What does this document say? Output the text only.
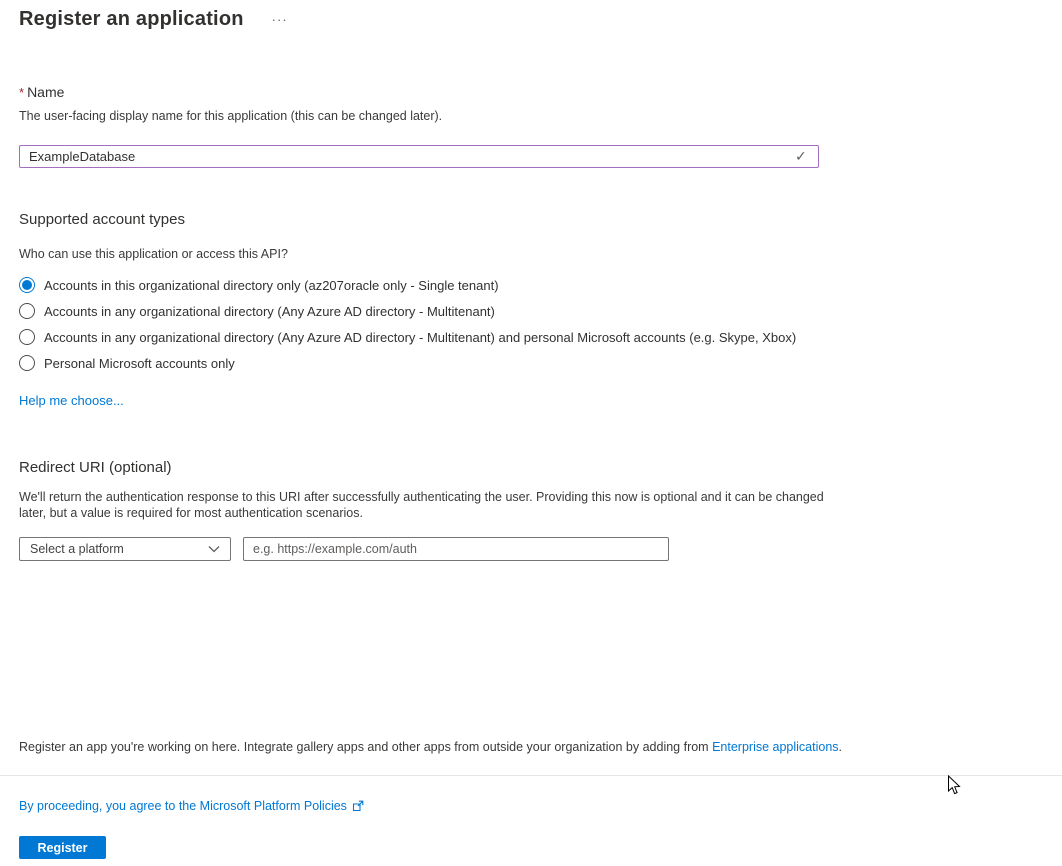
Register an application ···
* Name
The user-facing display name for this application (this can be changed later).
ExampleDatabase
✓
Supported account types
Who can use this application or access this API?
Accounts in this organizational directory only (az207oracle only - Single tenant)
Accounts in any organizational directory (Any Azure AD directory - Multitenant)
Accounts in any organizational directory (Any Azure AD directory - Multitenant) and personal Microsoft accounts (e.g. Skype, Xbox)
Personal Microsoft accounts only
Help me choose...
Redirect URI (optional)
We'll return the authentication response to this URI after successfully authenticating the user. Providing this now is optional and it can be changed later, but a value is required for most authentication scenarios.
Select a platform
e.g. https://example.com/auth
Register an app you're working on here. Integrate gallery apps and other apps from outside your organization by adding from Enterprise applications.
By proceeding, you agree to the Microsoft Platform Policies
Register
